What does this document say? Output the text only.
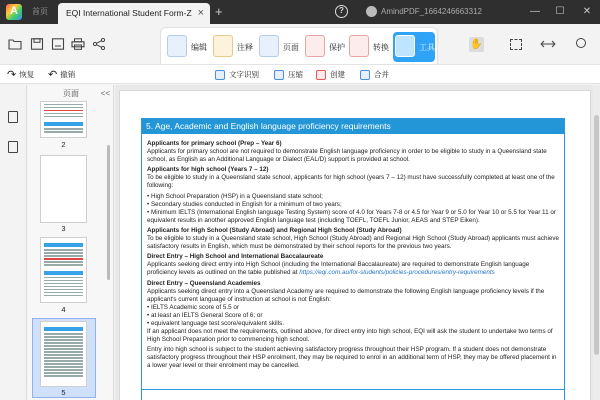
A	首页	EQI International Student Form-Z × +	?	AmindPDF_1664246663312	—	☐	✕
编辑	注释	页面	保护	转换	工具	✋
↷ 恢复 ↶ 撤销	文字识别	压缩	创建	合并
页面	<<
2
3
4
5
5. Age, Academic and English language proficiency requirements
Applicants for primary school (Prep – Year 6)
Applicants for primary school are not required to demonstrate English language proficiency in order to be eligible to study in a Queensland state school, as English as an Additional Language or Dialect (EAL/D) support is provided at school.
Applicants for high school (Years 7 – 12)
To be eligible to study in a Queensland state school, applicants for high school (years 7 – 12) must have successfully completed at least one of the following:
• High School Preparation (HSP) in a Queensland state school;
• Secondary studies conducted in English for a minimum of two years;
• Minimum IELTS (International English language Testing System) score of 4.0 for Years 7-8 or 4.5 for Year 9 or 5.0 for Year 10 or 5.5 for Year 11 or equivalent results in another approved English language test (including TOEFL, TOEFL Junior, AEAS and STEP Eiken).
Applicants for High School (Study Abroad) and Regional High School (Study Abroad)
To be eligible to study in a Queensland state school, High School (Study Abroad) and Regional High School (Study Abroad) applicants must achieve satisfactory results in English, which must be demonstrated by their school reports for the previous two years.
Direct Entry – High School and International Baccalaureate
Applicants seeking direct entry into High School (including the International Baccalaureate) are required to demonstrate English language proficiency levels as outlined on the table published at https://eqi.com.au/for-students/policies-procedures/entry-requirements
Direct Entry – Queensland Academies
Applicants seeking direct entry into a Queensland Academy are required to demonstrate the following English language proficiency levels if the applicant's current language of instruction at school is not English:
• IELTS Academic score of 5.5 or
• at least an IELTS General Score of 6; or
• equivalent language test score/equivalent skills.
If an applicant does not meet the requirements, outlined above, for direct entry into high school, EQI will ask the student to undertake two terms of High School Preparation prior to commencing high school.
Entry into high school is subject to the student achieving satisfactory progress throughout their HSP program. If a student does not demonstrate satisfactory progress throughout their HSP enrolment, they may be required to enrol in an additional term of HSP, they may be offered placement in a lower year level or their enrolment may be cancelled.
